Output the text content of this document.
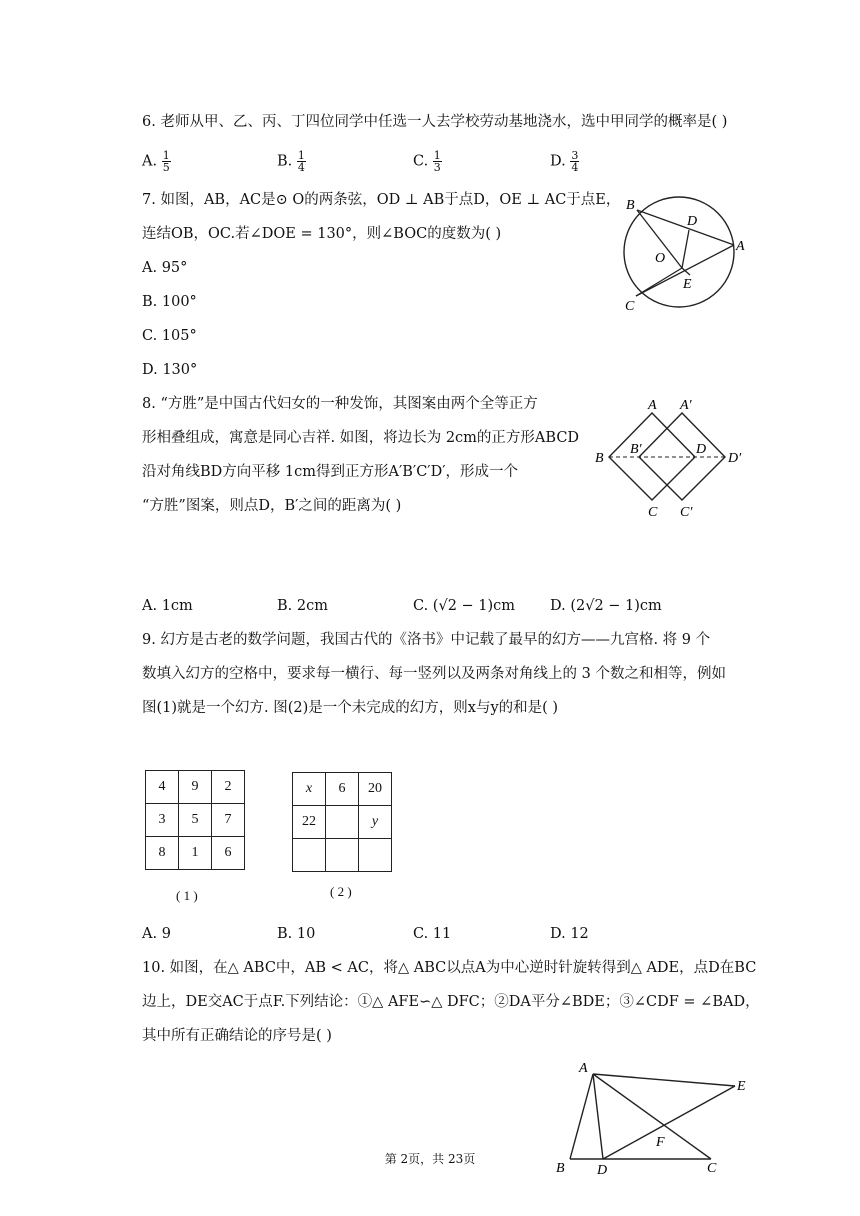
6. 老师从甲、乙、丙、丁四位同学中任选一人去学校劳动基地浇水，选中甲同学的概率是( )
A. $\frac{1}{5}$	B. $\frac{1}{4}$	C. $\frac{1}{3}$	D. $\frac{3}{4}$
7. 如图，AB，AC是⊙ O的两条弦，OD ⊥ AB于点D，OE ⊥ AC于点E，
连结OB，OC.若∠DOE = 130°，则∠BOC的度数为( )
A. 95°
B. 100°
C. 105°
D. 130°
B
D
A
O
E
C
8. “方胜”是中国古代妇女的一种发饰，其图案由两个全等正方
形相叠组成，寓意是同心吉祥. 如图，将边长为 2cm的正方形ABCD
沿对角线BD方向平移 1cm得到正方形A′B′C′D′，形成一个
“方胜”图案，则点D，B′之间的距离为( )
A A′
B
B′	D
D′
C C′
A. 1cm	B. 2cm	C. (√2 − 1)cm D. (2√2 − 1)cm
9. 幻方是古老的数学问题，我国古代的《洛书》中记载了最早的幻方——九宫格. 将 9 个
数填入幻方的空格中，要求每一横行、每一竖列以及两条对角线上的 3 个数之和相等，例如
图(1)就是一个幻方. 图(2)是一个未完成的幻方，则x与y的和是( )
4	9	2
3	5	7
8	1	6
( 1 )
x	6	20
22		y

( 2 )
A. 9	B. 10	C. 11	D. 12
10. 如图，在△ ABC中，AB < AC，将△ ABC以点A为中心逆时针旋转得到△ ADE，点D在BC
边上，DE交AC于点F.下列结论：①△ AFE∽△ DFC；②DA平分∠BDE；③∠CDF = ∠BAD，
其中所有正确结论的序号是( )
A
E
F
B D	C
第 2页，共 23页
